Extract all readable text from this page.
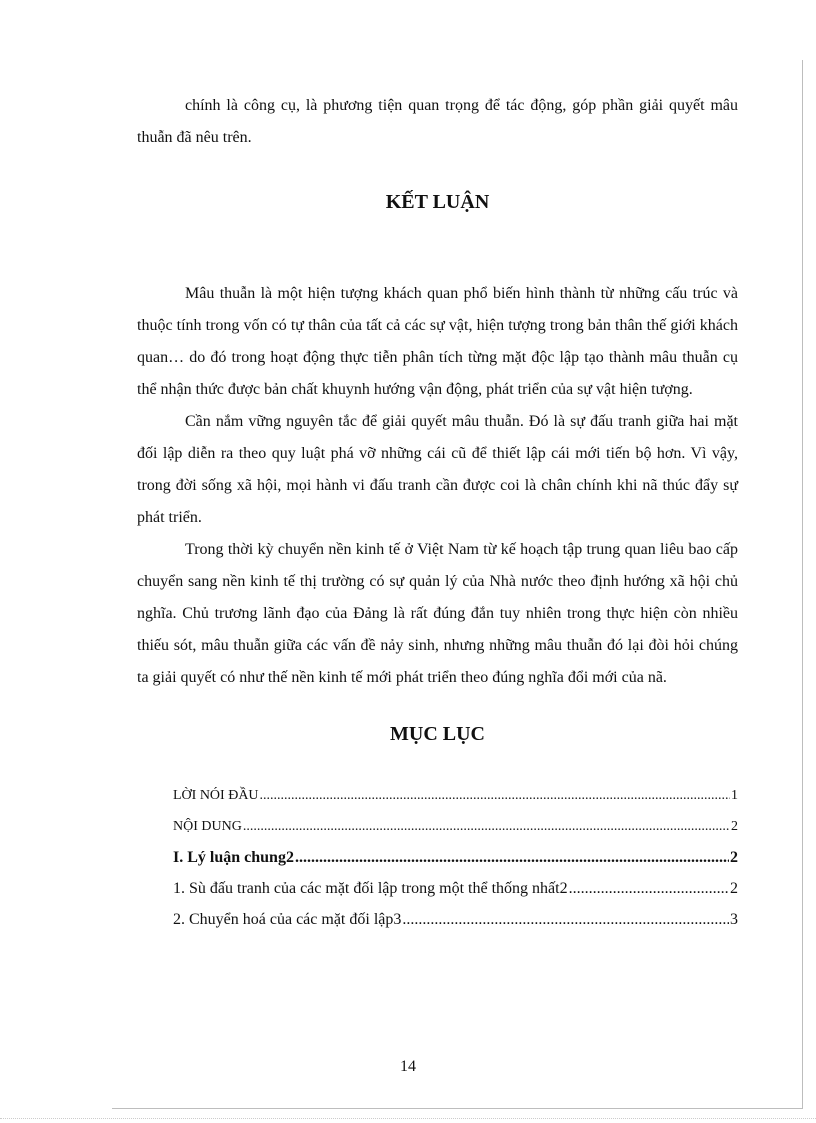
chính là công cụ, là phương tiện quan trọng để tác động, góp phần giải quyết mâu thuẫn đã nêu trên.

KẾT LUẬN

Mâu thuẫn là một hiện tượng khách quan phổ biến hình thành từ những cấu trúc và thuộc tính trong vốn có tự thân của tất cả các sự vật, hiện tượng trong bản thân thế giới khách quan… do đó trong hoạt động thực tiễn phân tích từng mặt độc lập tạo thành mâu thuẫn cụ thể nhận thức được bản chất khuynh hướng vận động, phát triển của sự vật hiện tượng.

Cần nắm vững nguyên tắc để giải quyết mâu thuẫn. Đó là sự đấu tranh giữa hai mặt đối lập diễn ra theo quy luật phá vỡ những cái cũ để thiết lập cái mới tiến bộ hơn. Vì vậy, trong đời sống xã hội, mọi hành vi đấu tranh cần được coi là chân chính khi nã thúc đẩy sự phát triển.

Trong thời kỳ chuyển nền kinh tế ở Việt Nam từ kế hoạch tập trung quan liêu bao cấp chuyển sang nền kinh tế thị trường có sự quản lý của Nhà nước theo định hướng xã hội chủ nghĩa. Chủ trương lãnh đạo của Đảng là rất đúng đắn tuy nhiên trong thực hiện còn nhiều thiếu sót, mâu thuẫn giữa các vấn đề nảy sinh, nhưng những mâu thuẫn đó lại đòi hỏi chúng ta giải quyết có như thế nền kinh tế mới phát triển theo đúng nghĩa đổi mới của nã.

MỤC LỤC
LỜI NÓI ĐẦU .....	1
NỘI DUNG .....	2
I. Lý luận chung2 .....	2
1. Sù đấu tranh của các mặt đối lập trong một thể thống nhất2 .....	2
2. Chuyển hoá của các mặt đối lập3 .....	3
14
